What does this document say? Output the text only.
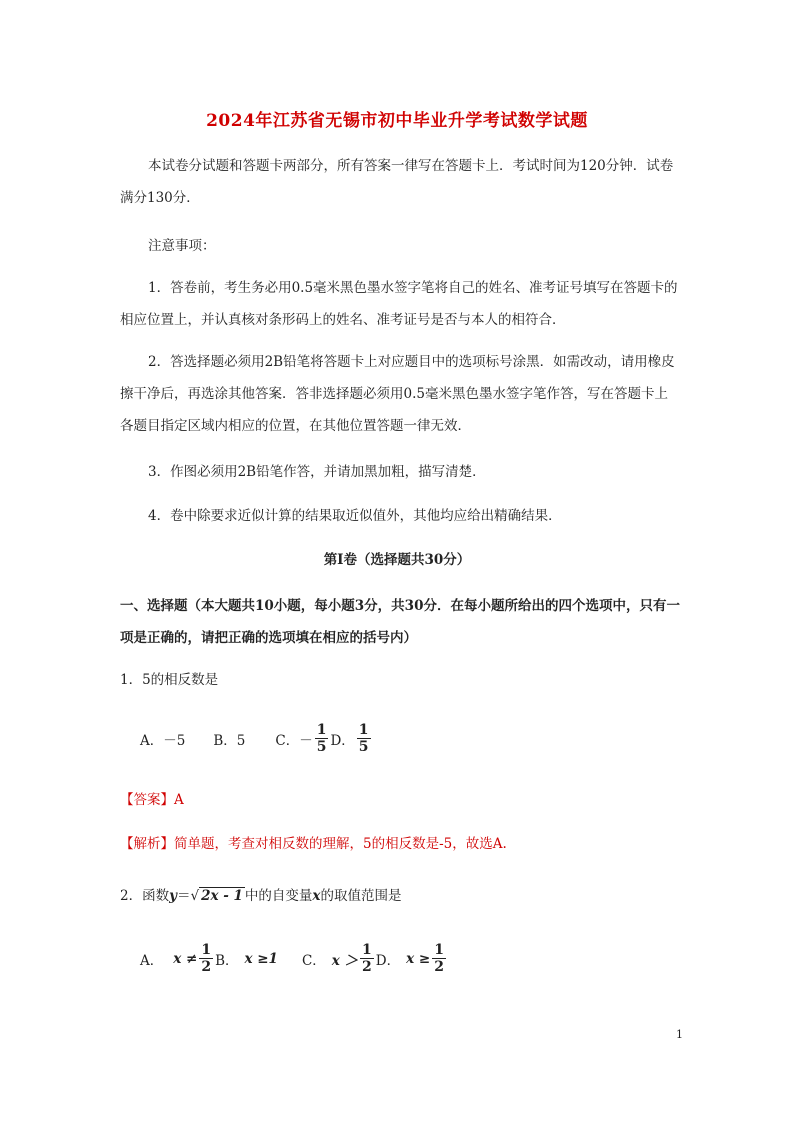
2024年江苏省无锡市初中毕业升学考试数学试题
本试卷分试题和答题卡两部分，所有答案一律写在答题卡上．考试时间为120分钟．试卷满分130分．
注意事项：
1．答卷前，考生务必用0.5毫米黑色墨水签字笔将自己的姓名、准考证号填写在答题卡的相应位置上，并认真核对条形码上的姓名、准考证号是否与本人的相符合．
2．答选择题必须用2B铅笔将答题卡上对应题目中的选项标号涂黑．如需改动，请用橡皮擦干净后，再选涂其他答案．答非选择题必须用0.5毫米黑色墨水签字笔作答，写在答题卡上各题目指定区域内相应的位置，在其他位置答题一律无效．
3．作图必须用2B铅笔作答，并请加黑加粗，描写清楚．
4．卷中除要求近似计算的结果取近似值外，其他均应给出精确结果．
第I卷（选择题共30分）
一、选择题（本大题共10小题，每小题3分，共30分．在每小题所给出的四个选项中，只有一项是正确的，请把正确的选项填在相应的括号内）
1．5的相反数是
A．－5 B．5 C．－ $\frac{1}{5}$ D． $\frac{1}{5}$
【答案】A
【解析】简单题，考查对相反数的理解，5的相反数是-5，故选A.
2．函数y＝√ 2x - 1 中的自变量x的取值范围是
A． $x \ne \frac{1}{2}$ B． x ≥1 C． $x > \frac{1}{2}$ D． $x \ge \frac{1}{2}$
1
